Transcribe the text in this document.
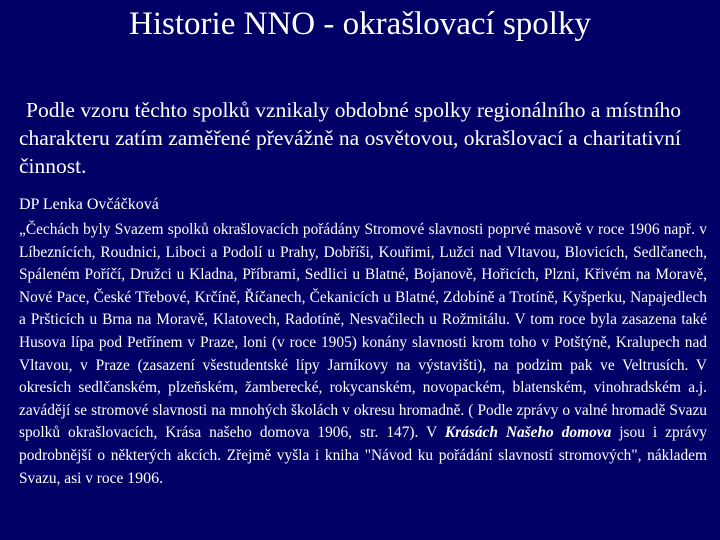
Historie NNO - okrašlovací spolky
Podle vzoru těchto spolků vznikaly obdobné spolky regionálního a místního charakteru zatím zaměřené převážně na osvětovou, okrašlovací a charitativní činnost.
DP Lenka Ovčáčková
„Čechách byly Svazem spolků okrašlovacích pořádány Stromové slavnosti poprvé masově v roce 1906 např. v Líbeznících, Roudnici, Liboci a Podolí u Prahy, Dobříši, Kouřimi, Lužci nad Vltavou, Blovicích, Sedlčanech, Spáleném Poříčí, Družci u Kladna, Příbrami, Sedlici u Blatné, Bojanově, Hořicích, Plzni, Křivém na Moravě, Nové Pace, České Třebové, Krčíně, Říčanech, Čekanicích u Blatné, Zdobíně a Trotíně, Kyšperku, Napajedlech a Pršticích u Brna na Moravě, Klatovech, Radotíně, Nesvačilech u Rožmitálu. V tom roce byla zasazena také Husova lípa pod Petřínem v Praze, loni (v roce 1905) konány slavnosti krom toho v Potštýně, Kralupech nad Vltavou, v Praze (zasazení všestudentské lípy Jarníkovy na výstavišti), na podzim pak ve Veltrusích. V okresích sedlčanském, plzeňském, žamberecké, rokycanském, novopackém, blatenském, vinohradském a.j. zavádějí se stromové slavnosti na mnohých školách v okresu hromadně. ( Podle zprávy o valné hromadě Svazu spolků okrašlovacích, Krása našeho domova 1906, str. 147). V Krásách Našeho domova jsou i zprávy podrobnější o některých akcích. Zřejmě vyšla i kniha "Návod ku pořádání slavností stromových", nákladem Svazu, asi v roce 1906.
